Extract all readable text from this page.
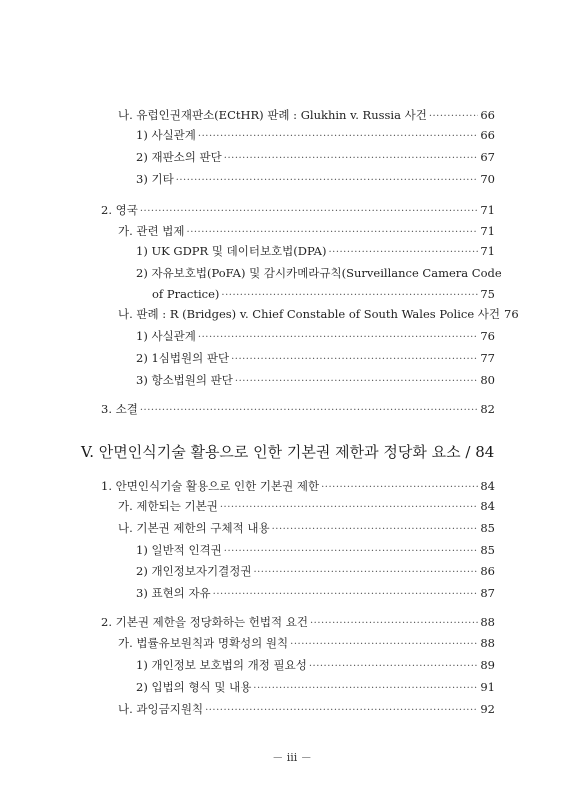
나. 유럽인권재판소(ECtHR) 판례 : Glukhin v. Russia 사건 ·····	66
1) 사실관계 ·····	66
2) 재판소의 판단 ·····	67
3) 기타 ·····	70
2. 영국 ·····	71
가. 관련 법제 ·····	71
1) UK GDPR 및 데이터보호법(DPA) ·····	71
2) 자유보호법(PoFA) 및 감시카메라규칙(Surveillance Camera Code
of Practice) ·····	75
나. 판례 : R (Bridges) v. Chief Constable of South Wales Police 사건 76
1) 사실관계 ·····	76
2) 1심법원의 판단 ·····	77
3) 항소법원의 판단 ·····	80
3. 소결 ·····	82
V. 안면인식기술 활용으로 인한 기본권 제한과 정당화 요소 / 84
1. 안면인식기술 활용으로 인한 기본권 제한 ·····	84
가. 제한되는 기본권 ·····	84
나. 기본권 제한의 구체적 내용 ·····	85
1) 일반적 인격권 ·····	85
2) 개인정보자기결정권 ·····	86
3) 표현의 자유 ·····	87
2. 기본권 제한을 정당화하는 헌법적 요건 ·····	88
가. 법률유보원칙과 명확성의 원칙 ·····	88
1) 개인정보 보호법의 개정 필요성 ·····	89
2) 입법의 형식 및 내용 ·····	91
나. 과잉금지원칙 ·····	92
－ iii －
